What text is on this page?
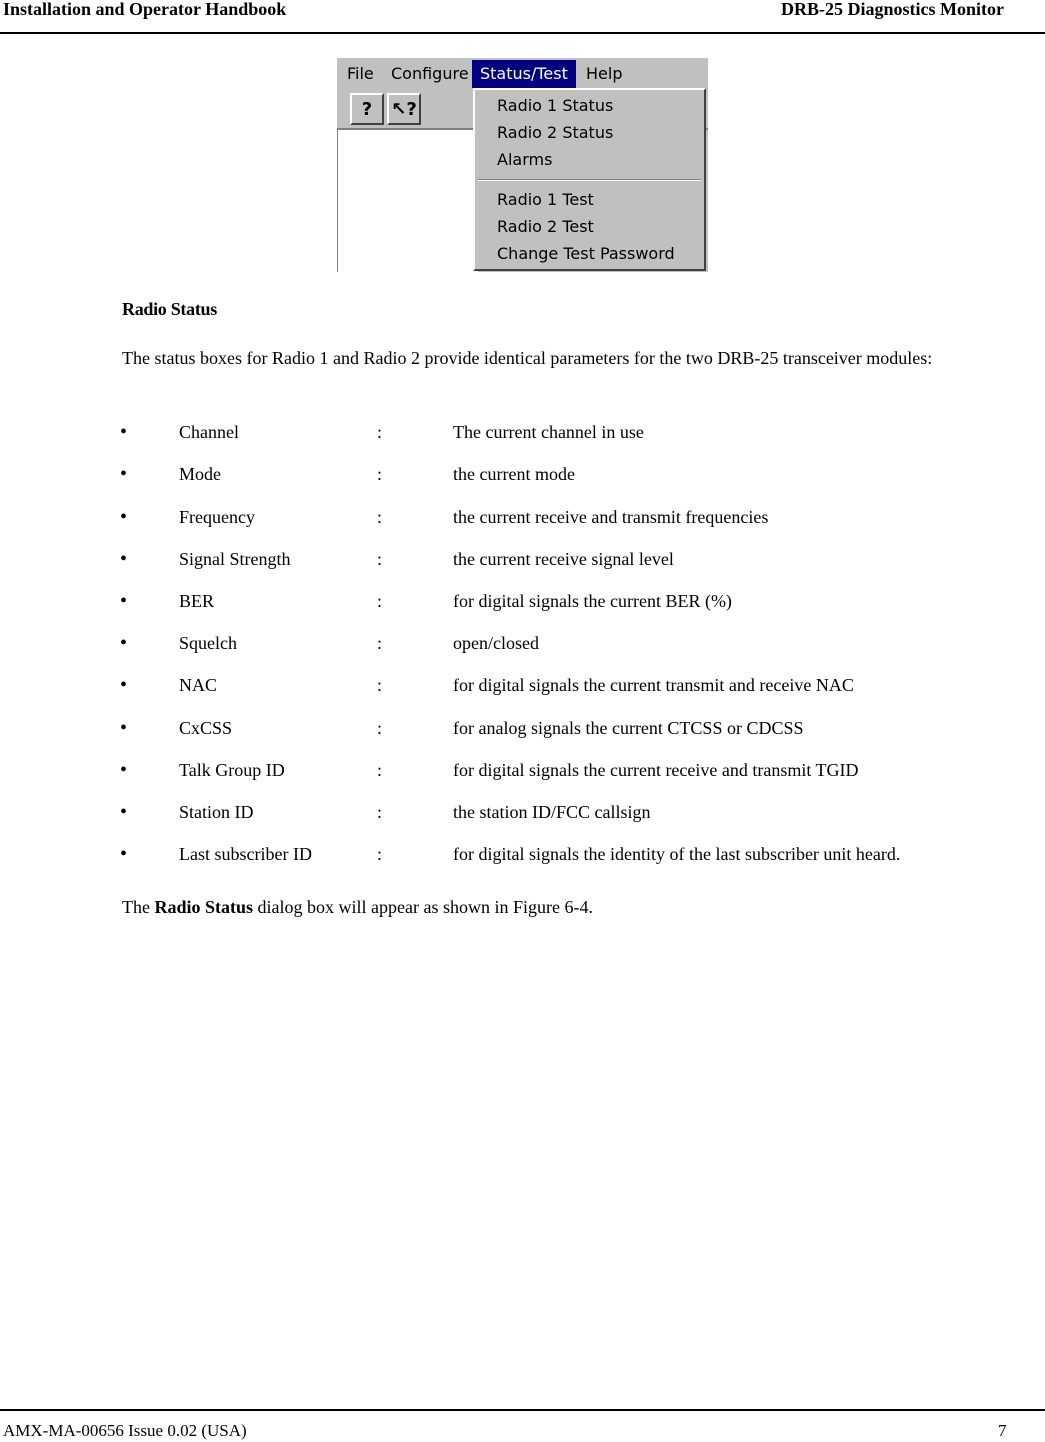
Installation and Operator Handbook	DRB-25 Diagnostics Monitor
File Configure Status/Test	Help
?	↖?	Radio 1 Status
Radio 2 Status
Alarms
Radio 1 Test
Radio 2 Test
Change Test Password
Radio Status
The status boxes for Radio 1 and Radio 2 provide identical parameters for the two DRB-25 transceiver modules:
•	Channel	:	The current channel in use
•	Mode	:	the current mode
•	Frequency	:	the current receive and transmit frequencies
•	Signal Strength	:	the current receive signal level
•	BER	:	for digital signals the current BER (%)
•	Squelch	:	open/closed
•	NAC	:	for digital signals the current transmit and receive NAC
•	CxCSS	:	for analog signals the current CTCSS or CDCSS
•	Talk Group ID	:	for digital signals the current receive and transmit TGID
•	Station ID	:	the station ID/FCC callsign
•	Last subscriber ID	:	for digital signals the identity of the last subscriber unit heard.
The Radio Status dialog box will appear as shown in Figure 6-4.
AMX-MA-00656 Issue 0.02 (USA)	7
